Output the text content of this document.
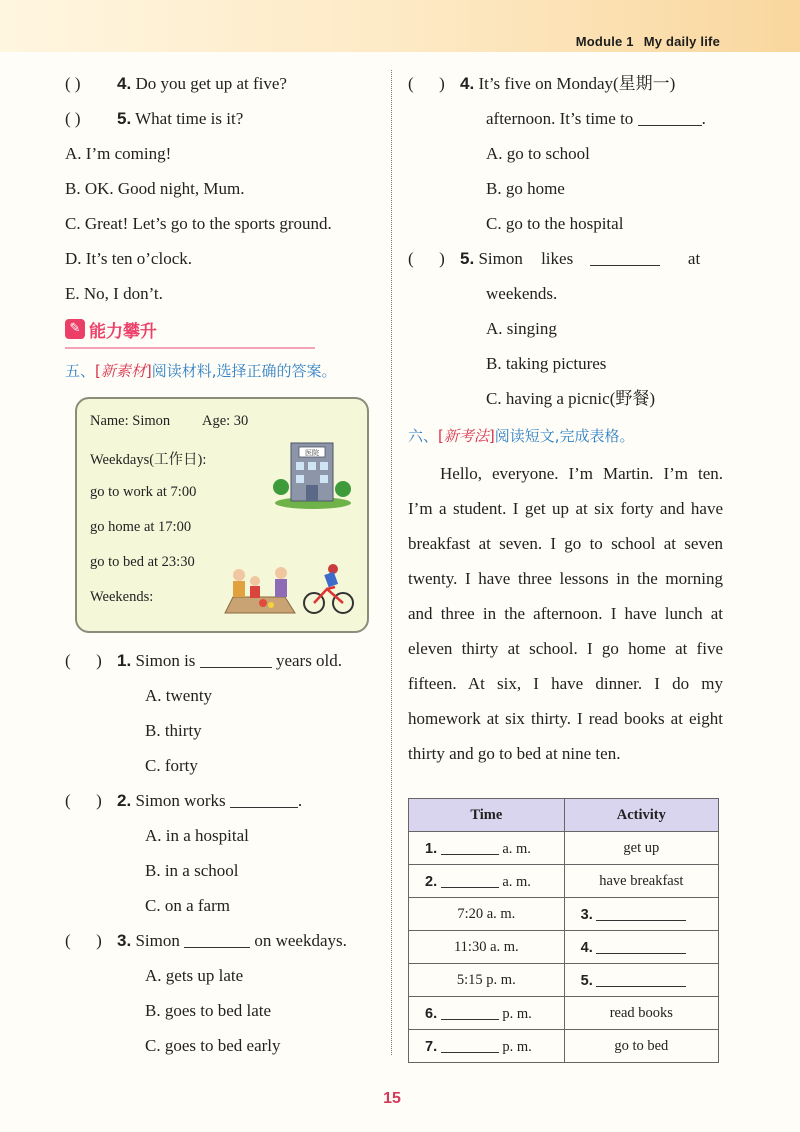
Module 1 My daily life
( ) 4. Do you get up at five?
( ) 5. What time is it?
A. I’m coming!
B. OK. Good night, Mum.
C. Great! Let’s go to the sports ground.
D. It’s ten o’clock.
E. No, I don’t.
✎ 能力攀升
五、[新素材]阅读材料,选择正确的答案。
Name: Simon Age: 30
Weekdays(工作日):
go to work at 7:00
go home at 17:00
go to bed at 23:30
Weekends:
医院
(      ) 1. Simon is	years old.
A. twenty
B. thirty
C. forty
(      ) 2. Simon works	.
A. in a hospital
B. in a school
C. on a farm
(      ) 3. Simon	on weekdays.
A. gets up late
B. goes to bed late
C. goes to bed early
(      ) 4. It’s five on Monday(星期一)
afternoon. It’s time to	.
A. go to school
B. go home
C. go to the hospital
(      ) 5. Simon likes	at
weekends.
A. singing
B. taking pictures
C. having a picnic(野餐)
六、[新考法]阅读短文,完成表格。

Hello, everyone. I’m Martin. I’m ten. I’m a student. I get up at six forty and have breakfast at seven. I go to school at seven twenty. I have three lessons in the morning and three in the afternoon. I have lunch at eleven thirty at school. I go home at five fifteen. At six, I have dinner. I do my homework at six thirty. I read books at eight thirty and go to bed at nine ten.

Time	Activity
1. a. m.	get up
2. a. m.	have breakfast
7:20 a. m.	3.
11:30 a. m.	4.
5:15 p. m.	5.
6. p. m.	read books
7. p. m.	go to bed
15
